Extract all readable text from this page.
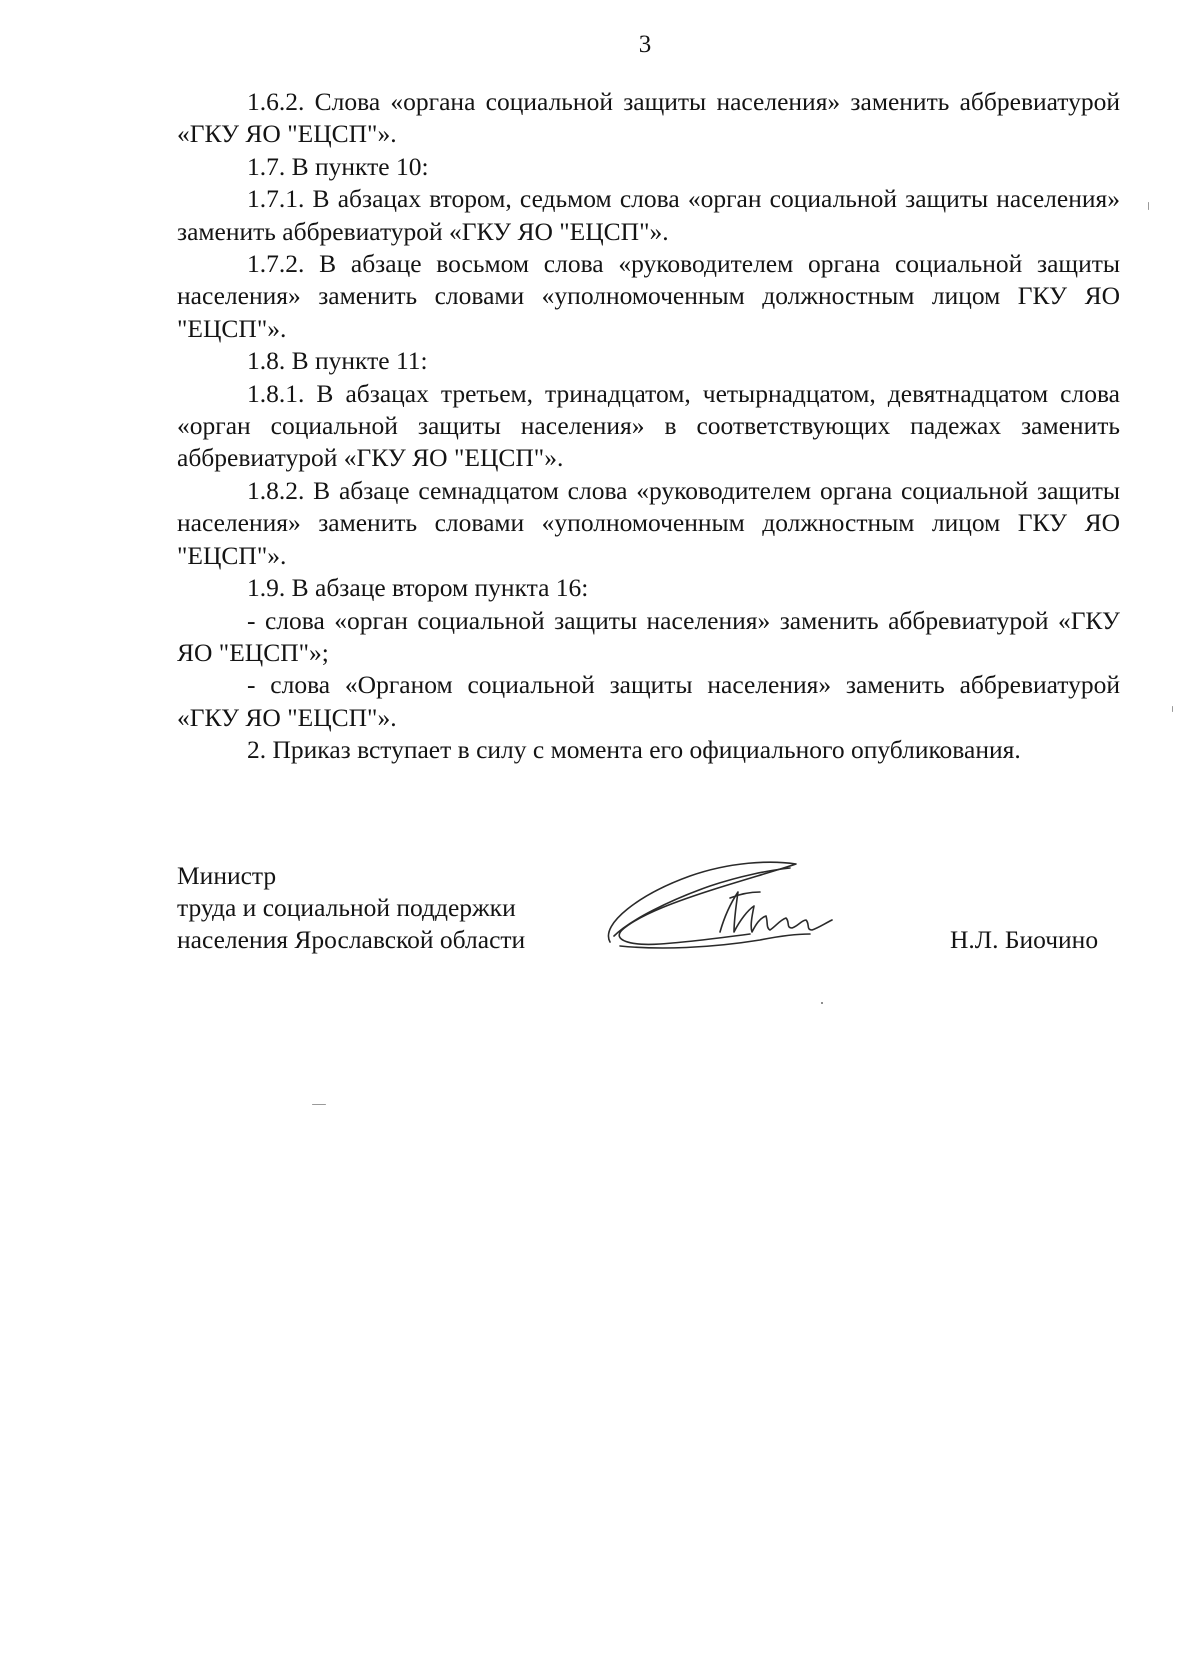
3

1.6.2. Слова «органа социальной защиты населения» заменить аббревиатурой «ГКУ ЯО "ЕЦСП"».

1.7. В пункте 10:

1.7.1. В абзацах втором, седьмом слова «орган социальной защиты населения» заменить аббревиатурой «ГКУ ЯО "ЕЦСП"».

1.7.2. В абзаце восьмом слова «руководителем органа социальной защиты населения» заменить словами «уполномоченным должностным лицом ГКУ ЯО "ЕЦСП"».

1.8. В пункте 11:

1.8.1. В абзацах третьем, тринадцатом, четырнадцатом, девятнадцатом слова «орган социальной защиты населения» в соответствующих падежах заменить аббревиатурой «ГКУ ЯО "ЕЦСП"».

1.8.2. В абзаце семнадцатом слова «руководителем органа социальной защиты населения» заменить словами «уполномоченным должностным лицом ГКУ ЯО "ЕЦСП"».

1.9. В абзаце втором пункта 16:

- слова «орган социальной защиты населения» заменить аббревиатурой «ГКУ ЯО "ЕЦСП"»;

- слова «Органом социальной защиты населения» заменить аббревиатурой «ГКУ ЯО "ЕЦСП"».

2. Приказ вступает в силу с момента его официального опубликования.

Министр
труда и социальной поддержки
населения Ярославской области	Н.Л. Биочино
